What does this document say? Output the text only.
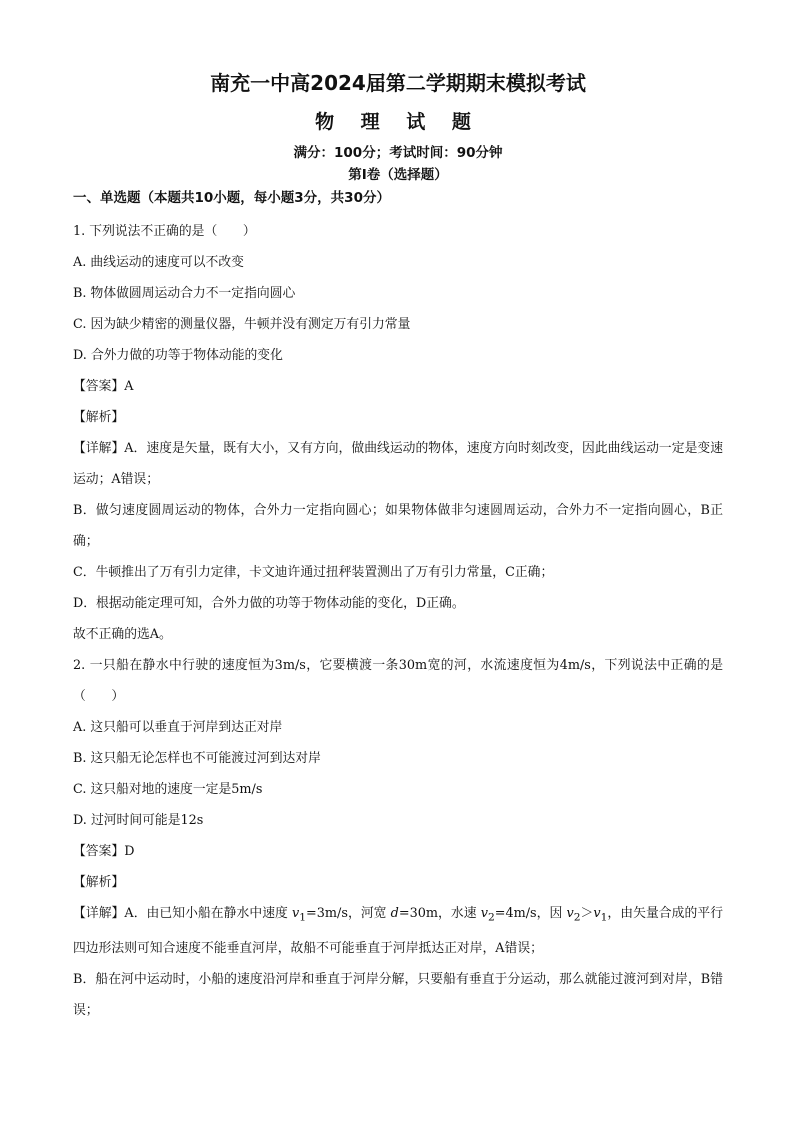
南充一中高2024届第二学期期末模拟考试
物 理 试 题
满分：100分；考试时间：90分钟
第Ⅰ卷（选择题）
一、单选题（本题共10小题，每小题3分，共30分）
1. 下列说法不正确的是（　　）
A. 曲线运动的速度可以不改变
B. 物体做圆周运动合力不一定指向圆心
C. 因为缺少精密的测量仪器，牛顿并没有测定万有引力常量
D. 合外力做的功等于物体动能的变化
【答案】A
【解析】
【详解】A．速度是矢量，既有大小，又有方向，做曲线运动的物体，速度方向时刻改变，因此曲线运动一定是变速运动；A错误；
B．做匀速度圆周运动的物体，合外力一定指向圆心；如果物体做非匀速圆周运动，合外力不一定指向圆心，B正确；
C．牛顿推出了万有引力定律，卡文迪许通过扭秤装置测出了万有引力常量，C正确；
D．根据动能定理可知，合外力做的功等于物体动能的变化，D正确。
故不正确的选A。
2. 一只船在静水中行驶的速度恒为3m/s，它要横渡一条30m宽的河，水流速度恒为4m/s，下列说法中正确的是（　　）
A. 这只船可以垂直于河岸到达正对岸
B. 这只船无论怎样也不可能渡过河到达对岸
C. 这只船对地的速度一定是5m/s
D. 过河时间可能是12s
【答案】D
【解析】
【详解】A．由已知小船在静水中速度 $v_1=3m/s$，河宽 d=30m，水速 $v_2=4m/s$，因 $v_2>v_1$，由矢量合成的平行四边形法则可知合速度不能垂直河岸，故船不可能垂直于河岸抵达正对岸，A错误；
B．船在河中运动时，小船的速度沿河岸和垂直于河岸分解，只要船有垂直于分运动，那么就能过渡河到对岸，B错误；
